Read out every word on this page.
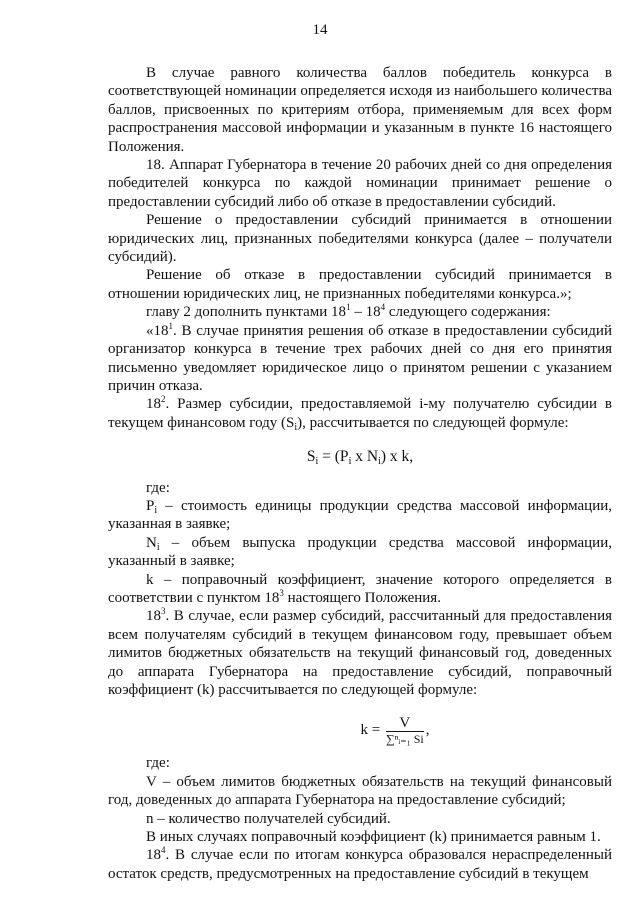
14

В случае равного количества баллов победитель конкурса в соответствующей номинации определяется исходя из наибольшего количества баллов, присвоенных по критериям отбора, применяемым для всех форм распространения массовой информации и указанным в пункте 16 настоящего Положения.

18. Аппарат Губернатора в течение 20 рабочих дней со дня определения победителей конкурса по каждой номинации принимает решение о предоставлении субсидий либо об отказе в предоставлении субсидий.

Решение о предоставлении субсидий принимается в отношении юридических лиц, признанных победителями конкурса (далее – получатели субсидий).

Решение об отказе в предоставлении субсидий принимается в отношении юридических лиц, не признанных победителями конкурса.»;

главу 2 дополнить пунктами $18^1 - 18^4$ следующего содержания:

«$18^1$. В случае принятия решения об отказе в предоставлении субсидий организатор конкурса в течение трех рабочих дней со дня его принятия письменно уведомляет юридическое лицо о принятом решении с указанием причин отказа.

$18^2$. Размер субсидии, предоставляемой i-му получателю субсидии в текущем финансовом году $(S_i)$, рассчитывается по следующей формуле:

$S_i = (P_i$ x $N_i$) x k,

где:

$P_i$ – стоимость единицы продукции средства массовой информации, указанная в заявке;

$N_i$ – объем выпуска продукции средства массовой информации, указанный в заявке;

k – поправочный коэффициент, значение которого определяется в соответствии с пунктом $18^3$ настоящего Положения.

$18^3$. В случае, если размер субсидий, рассчитанный для предоставления всем получателям субсидий в текущем финансовом году, превышает объем лимитов бюджетных обязательств на текущий финансовый год, доведенных до аппарата Губернатора на предоставление субсидий, поправочный коэффициент (k) рассчитывается по следующей формуле:

$k = \frac{V}{\text{∑ⁿᵢ₌₁ Si}}$ ,

где:

V – объем лимитов бюджетных обязательств на текущий финансовый год, доведенных до аппарата Губернатора на предоставление субсидий;

n – количество получателей субсидий.

В иных случаях поправочный коэффициент (k) принимается равным 1.

$18^4$. В случае если по итогам конкурса образовался нераспределенный остаток средств, предусмотренных на предоставление субсидий в текущем
